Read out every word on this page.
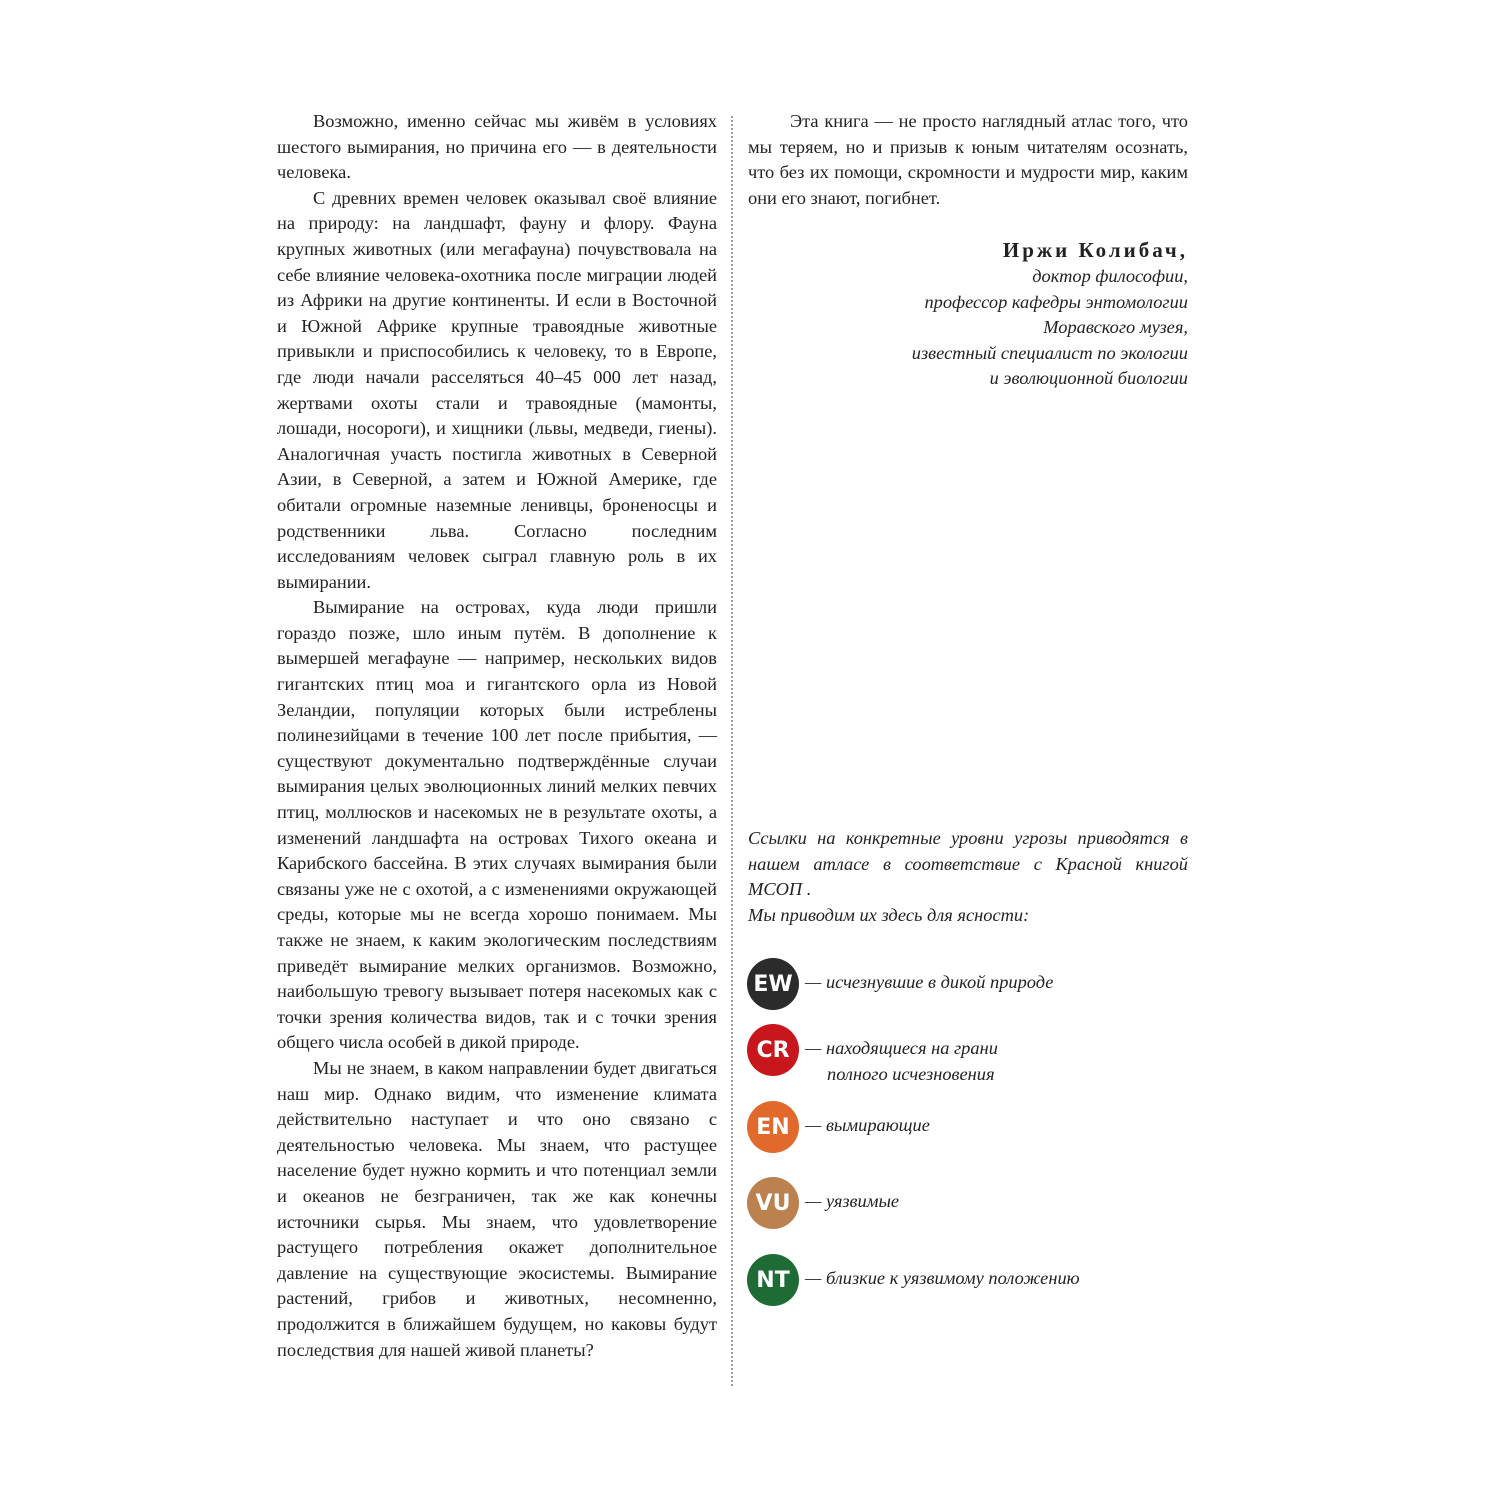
Возможно, именно сейчас мы живём в условиях шестого вымирания, но причина его — в деятельности человека.

С древних времен человек оказывал своё влияние на природу: на ландшафт, фауну и флору. Фауна крупных животных (или мегафауна) почувствовала на себе влияние человека-охотника после миграции людей из Африки на другие континенты. И если в Восточной и Южной Африке крупные травоядные животные привыкли и приспособились к человеку, то в Европе, где люди начали расселяться 40–45 000 лет назад, жертвами охоты стали и травоядные (мамонты, лошади, носороги), и хищники (львы, медведи, гиены). Аналогичная участь постигла животных в Северной Азии, в Северной, а затем и Южной Америке, где обитали огромные наземные ленивцы, броненосцы и родственники льва. Согласно последним исследованиям человек сыграл главную роль в их вымирании.

Вымирание на островах, куда люди пришли гораздо позже, шло иным путём. В дополнение к вымершей мегафауне — например, нескольких видов гигантских птиц моа и гигантского орла из Новой Зеландии, популяции которых были истреблены полинезийцами в течение 100 лет после прибытия, — существуют документально подтверждённые случаи вымирания целых эволюционных линий мелких певчих птиц, моллюсков и насекомых не в результате охоты, а изменений ландшафта на островах Тихого океана и Карибского бассейна. В этих случаях вымирания были связаны уже не с охотой, а с изменениями окружающей среды, которые мы не всегда хорошо понимаем. Мы также не знаем, к каким экологическим последствиям приведёт вымирание мелких организмов. Возможно, наибольшую тревогу вызывает потеря насекомых как с точки зрения количества видов, так и с точки зрения общего числа особей в дикой природе.

Мы не знаем, в каком направлении будет двигаться наш мир. Однако видим, что изменение климата действительно наступает и что оно связано с деятельностью человека. Мы знаем, что растущее население будет нужно кормить и что потенциал земли и океанов не безграничен, так же как конечны источники сырья. Мы знаем, что удовлетворение растущего потребления окажет дополнительное давление на существующие экосистемы. Вымирание растений, грибов и животных, несомненно, продолжится в ближайшем будущем, но каковы будут последствия для нашей живой планеты?

Эта книга — не просто наглядный атлас того, что мы теряем, но и призыв к юным читателям осознать, что без их помощи, скромности и мудрости мир, каким они его знают, погибнет.

Иржи Колибач,
доктор философии,
профессор кафедры энтомологии
Моравского музея,
известный специалист по экологии
и эволюционной биологии
Ссылки на конкретные уровни угрозы приводятся в нашем атласе в соответствие с Красной книгой МСОП .
Мы приводим их здесь для ясности:
EW — исчезнувшие в дикой природе
CR — находящиеся на грани
полного исчезновения
EN — вымирающие
VU — уязвимые
NT — близкие к уязвимому положению
